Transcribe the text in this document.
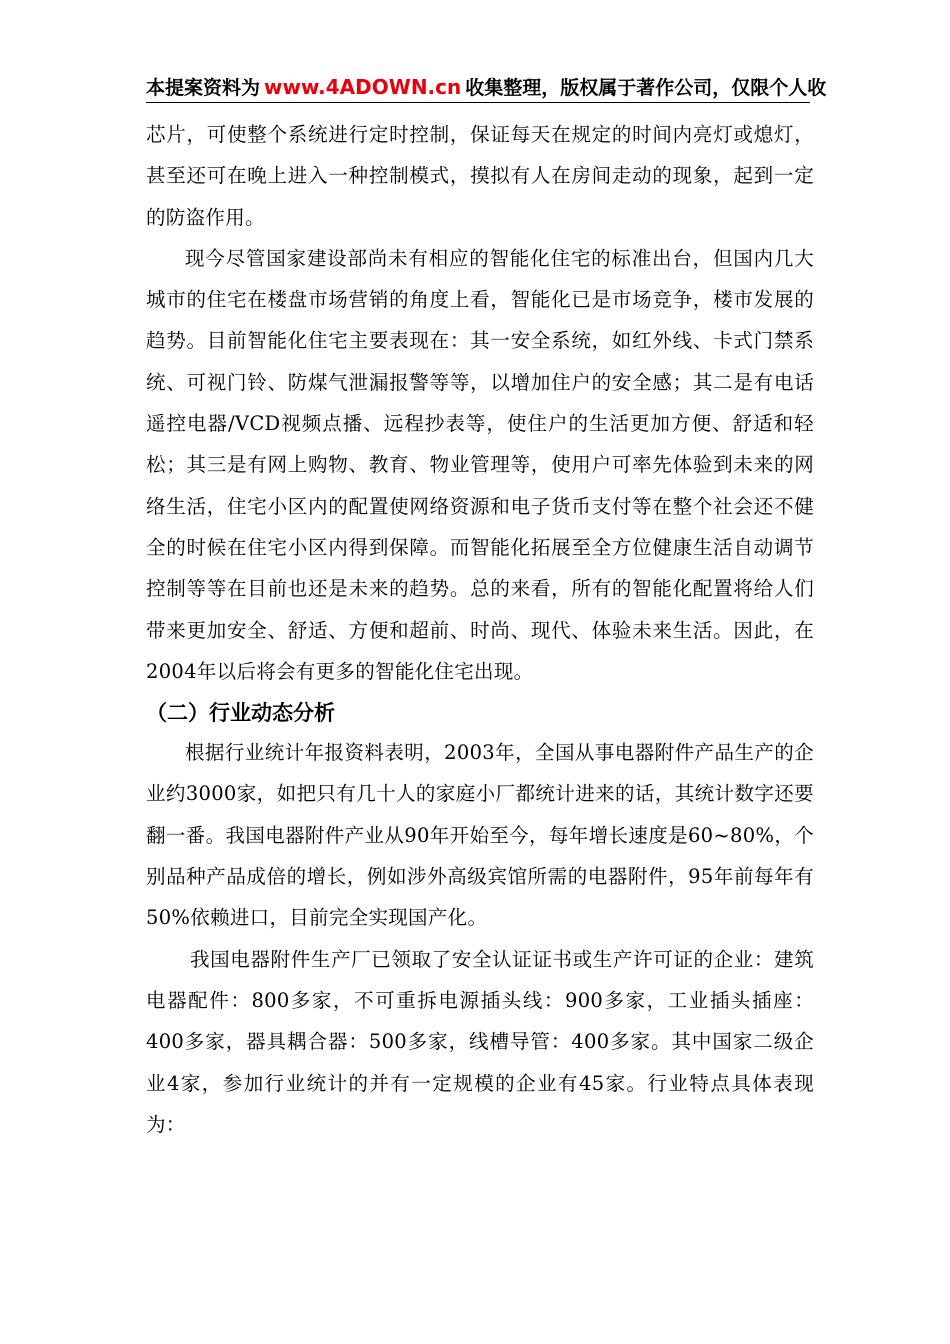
本提案资料为 www.4ADOWN.cn 收集整理，版权属于著作公司，仅限个人收

芯片，可使整个系统进行定时控制，保证每天在规定的时间内亮灯或熄灯，甚至还可在晚上进入一种控制模式，摸拟有人在房间走动的现象，起到一定的防盗作用。

现今尽管国家建设部尚未有相应的智能化住宅的标准出台，但国内几大城市的住宅在楼盘市场营销的角度上看，智能化已是市场竞争，楼市发展的趋势。目前智能化住宅主要表现在：其一安全系统，如红外线、卡式门禁系统、可视门铃、防煤气泄漏报警等等，以增加住户的安全感；其二是有电话遥控电器/VCD视频点播、远程抄表等，使住户的生活更加方便、舒适和轻松；其三是有网上购物、教育、物业管理等，使用户可率先体验到未来的网络生活，住宅小区内的配置使网络资源和电子货币支付等在整个社会还不健全的时候在住宅小区内得到保障。而智能化拓展至全方位健康生活自动调节控制等等在目前也还是未来的趋势。总的来看，所有的智能化配置将给人们带来更加安全、舒适、方便和超前、时尚、现代、体验未来生活。因此，在2004年以后将会有更多的智能化住宅出现。

（二）行业动态分析

根据行业统计年报资料表明，2003年，全国从事电器附件产品生产的企业约3000家，如把只有几十人的家庭小厂都统计进来的话，其统计数字还要翻一番。我国电器附件产业从90年开始至今，每年增长速度是60~80%，个别品种产品成倍的增长，例如涉外高级宾馆所需的电器附件，95年前每年有50%依赖进口，目前完全实现国产化。

我国电器附件生产厂已领取了安全认证证书或生产许可证的企业：建筑电器配件：800多家，不可重拆电源插头线：900多家，工业插头插座：400多家，器具耦合器：500多家，线槽导管：400多家。其中国家二级企业4家，参加行业统计的并有一定规模的企业有45家。行业特点具体表现为：
